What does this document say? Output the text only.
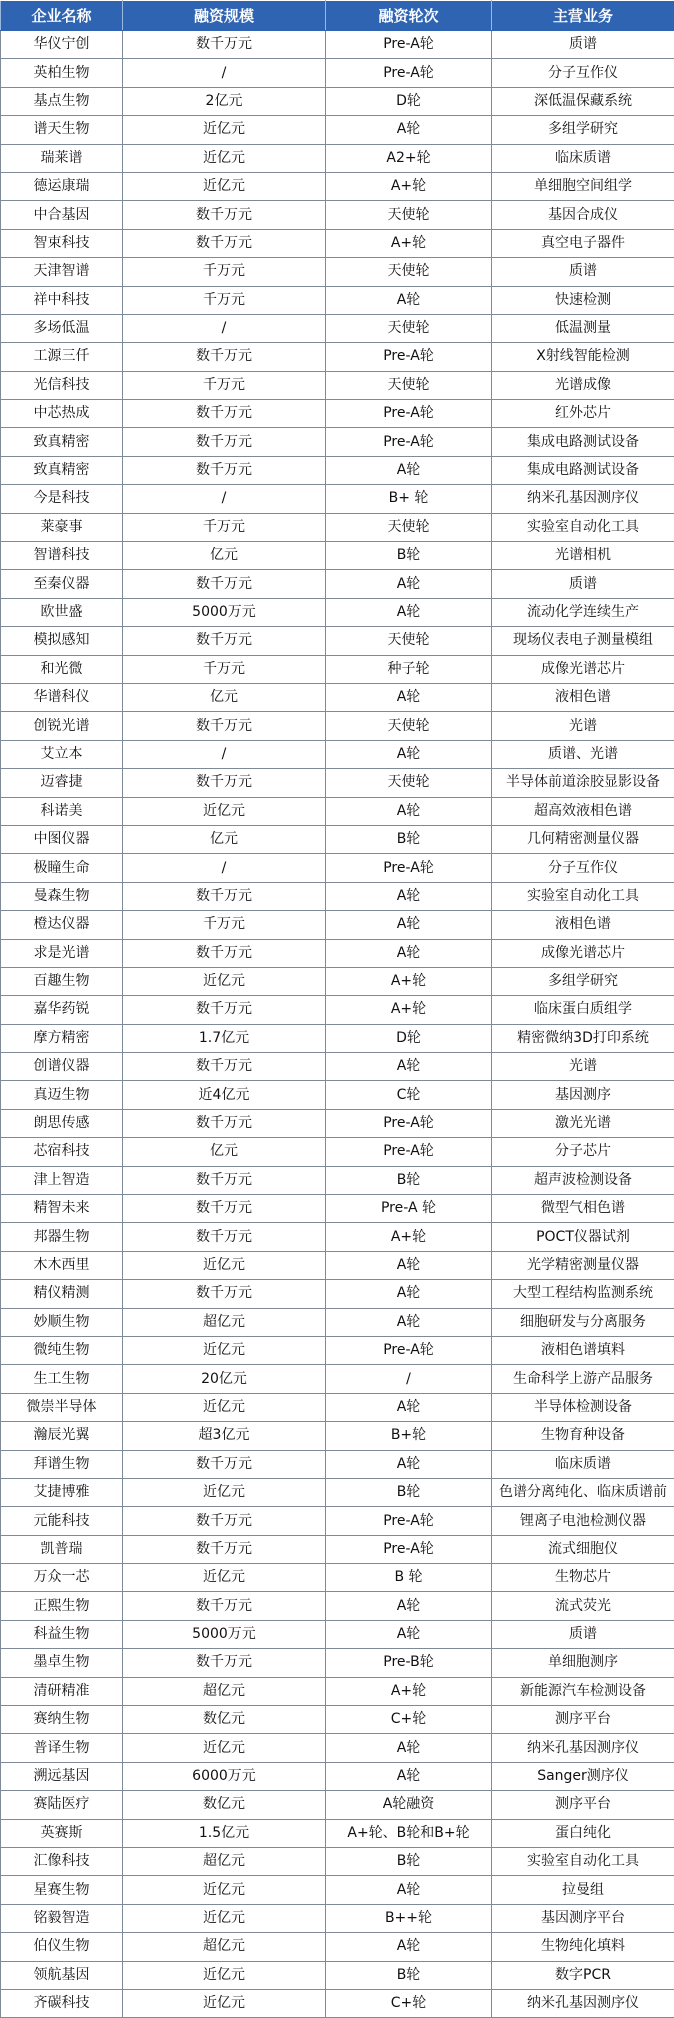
企业名称	融资规模	融资轮次	主营业务
华仪宁创	数千万元	Pre-A轮	质谱
英柏生物	/	Pre-A轮	分子互作仪
基点生物	2亿元	D轮	深低温保藏系统
谱天生物	近亿元	A轮	多组学研究
瑞莱谱	近亿元	A2+轮	临床质谱
德运康瑞	近亿元	A+轮	单细胞空间组学
中合基因	数千万元	天使轮	基因合成仪
智束科技	数千万元	A+轮	真空电子器件
天津智谱	千万元	天使轮	质谱
祥中科技	千万元	A轮	快速检测
多场低温	/	天使轮	低温测量
工源三仟	数千万元	Pre-A轮	X射线智能检测
光信科技	千万元	天使轮	光谱成像
中芯热成	数千万元	Pre-A轮	红外芯片
致真精密	数千万元	Pre-A轮	集成电路测试设备
致真精密	数千万元	A轮	集成电路测试设备
今是科技	/	B+ 轮	纳米孔基因测序仪
莱豪事	千万元	天使轮	实验室自动化工具
智谱科技	亿元	B轮	光谱相机
至秦仪器	数千万元	A轮	质谱
欧世盛	5000万元	A轮	流动化学连续生产
模拟感知	数千万元	天使轮	现场仪表电子测量模组
和光微	千万元	种子轮	成像光谱芯片
华谱科仪	亿元	A轮	液相色谱
创锐光谱	数千万元	天使轮	光谱
艾立本	/	A轮	质谱、光谱
迈睿捷	数千万元	天使轮	半导体前道涂胶显影设备
科诺美	近亿元	A轮	超高效液相色谱
中图仪器	亿元	B轮	几何精密测量仪器
极瞳生命	/	Pre-A轮	分子互作仪
曼森生物	数千万元	A轮	实验室自动化工具
橙达仪器	千万元	A轮	液相色谱
求是光谱	数千万元	A轮	成像光谱芯片
百趣生物	近亿元	A+轮	多组学研究
嘉华药锐	数千万元	A+轮	临床蛋白质组学
摩方精密	1.7亿元	D轮	精密微纳3D打印系统
创谱仪器	数千万元	A轮	光谱
真迈生物	近4亿元	C轮	基因测序
朗思传感	数千万元	Pre-A轮	激光光谱
芯宿科技	亿元	Pre-A轮	分子芯片
津上智造	数千万元	B轮	超声波检测设备
精智未来	数千万元	Pre-A 轮	微型气相色谱
邦器生物	数千万元	A+轮	POCT仪器试剂
木木西里	近亿元	A轮	光学精密测量仪器
精仪精测	数千万元	A轮	大型工程结构监测系统
妙顺生物	超亿元	A轮	细胞研发与分离服务
微纯生物	近亿元	Pre-A轮	液相色谱填料
生工生物	20亿元	/	生命科学上游产品服务
微崇半导体	近亿元	A轮	半导体检测设备
瀚辰光翼	超3亿元	B+轮	生物育种设备
拜谱生物	数千万元	A轮	临床质谱
艾捷博雅	近亿元	B轮	色谱分离纯化、临床质谱前
元能科技	数千万元	Pre-A轮	锂离子电池检测仪器
凯普瑞	数千万元	Pre-A轮	流式细胞仪
万众一芯	近亿元	B 轮	生物芯片
正熙生物	数千万元	A轮	流式荧光
科益生物	5000万元	A轮	质谱
墨卓生物	数千万元	Pre-B轮	单细胞测序
清研精准	超亿元	A+轮	新能源汽车检测设备
赛纳生物	数亿元	C+轮	测序平台
普译生物	近亿元	A轮	纳米孔基因测序仪
溯远基因	6000万元	A轮	Sanger测序仪
赛陆医疗	数亿元	A轮融资	测序平台
英赛斯	1.5亿元	A+轮、B轮和B+轮	蛋白纯化
汇像科技	超亿元	B轮	实验室自动化工具
星赛生物	近亿元	A轮	拉曼组
铭毅智造	近亿元	B++轮	基因测序平台
伯仪生物	超亿元	A轮	生物纯化填料
领航基因	近亿元	B轮	数字PCR
齐碳科技	近亿元	C+轮	纳米孔基因测序仪
